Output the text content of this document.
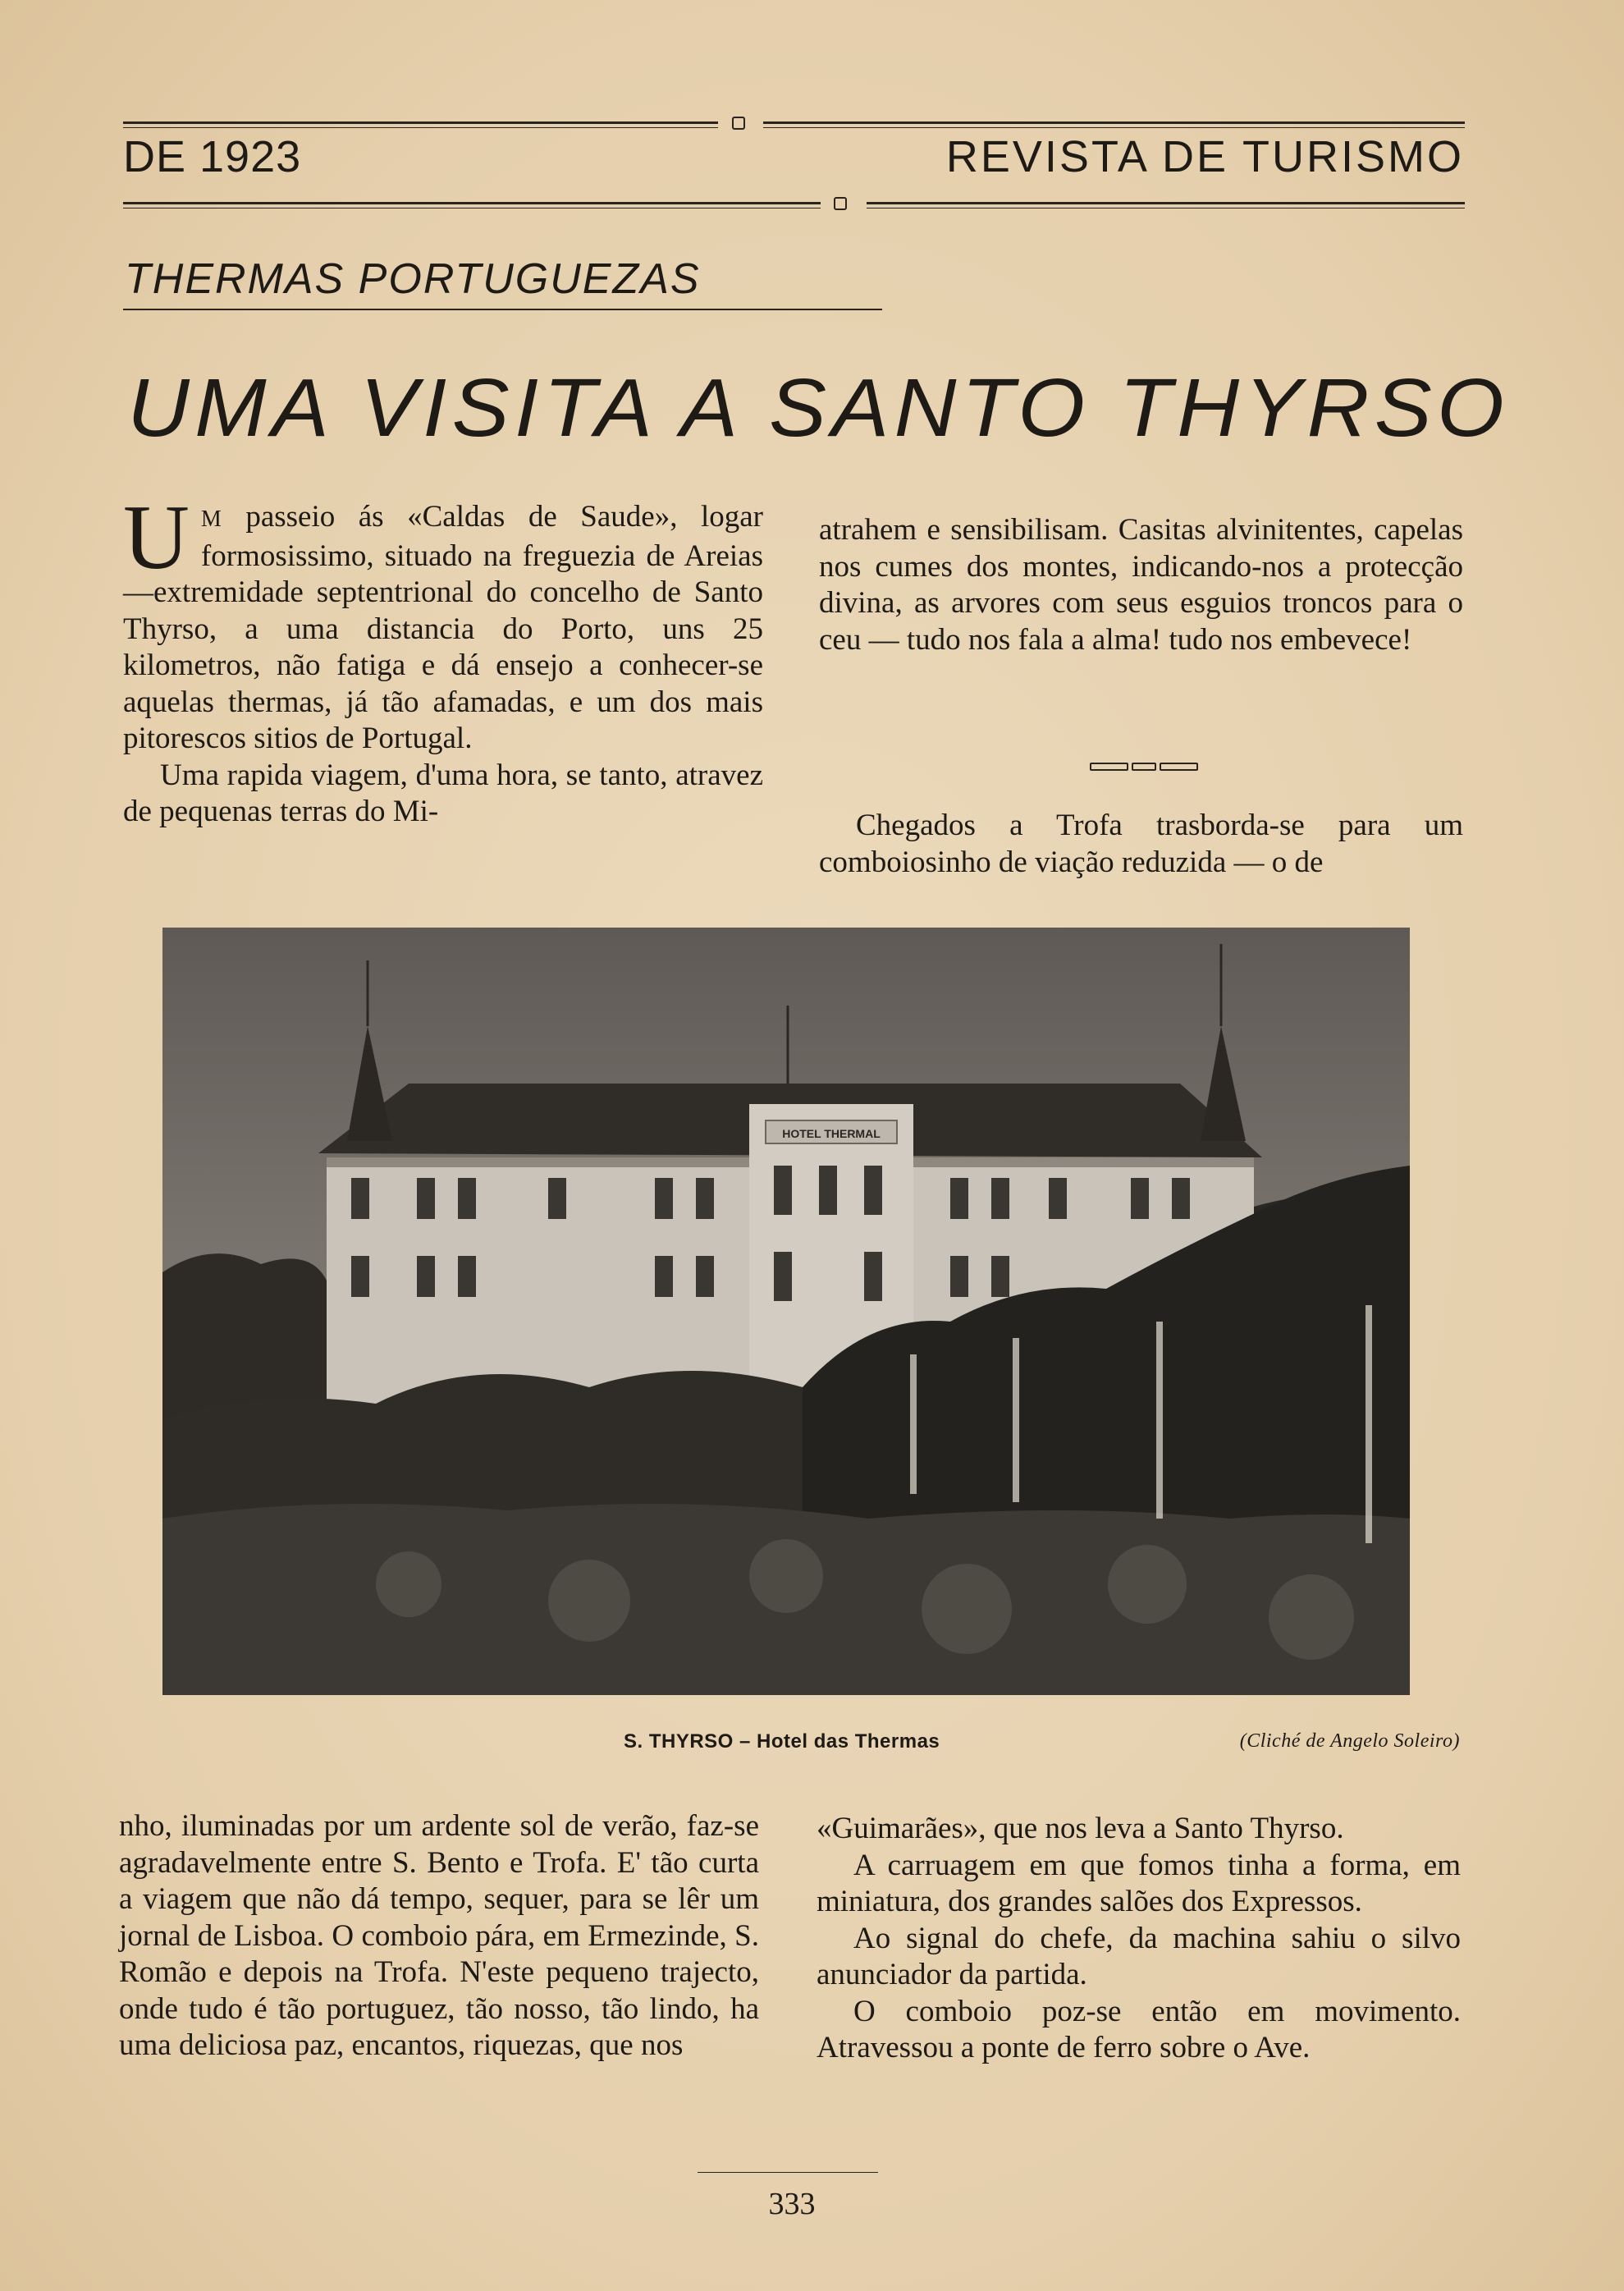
DE 1923	REVISTA DE TURISMO
THERMAS PORTUGUEZAS
UMA VISITA A SANTO THYRSO

U M passeio ás «Caldas de Saude», logar formosissimo, situado na freguezia de Areias—extremidade septentrional do concelho de Santo Thyrso, a uma distancia do Porto, uns 25 kilometros, não fatiga e dá ensejo a conhecer-se aquelas thermas, já tão afamadas, e um dos mais pitorescos sitios de Portugal.

Uma rapida viagem, d'uma hora, se tanto, atravez de pequenas terras do Mi-

atrahem e sensibilisam. Casitas alvinitentes, capelas nos cumes dos montes, indicando-nos a protecção divina, as arvores com seus esguios troncos para o ceu — tudo nos fala a alma! tudo nos embevece!

Chegados a Trofa trasborda-se para um comboiosinho de viação reduzida — o de

HOTEL THERMAL
S. THYRSO – Hotel das Thermas	(Cliché de Angelo Soleiro)

nho, iluminadas por um ardente sol de verão, faz-se agradavelmente entre S. Bento e Trofa. E' tão curta a viagem que não dá tempo, sequer, para se lêr um jornal de Lisboa. O comboio pára, em Ermezinde, S. Romão e depois na Trofa. N'este pequeno trajecto, onde tudo é tão portuguez, tão nosso, tão lindo, ha uma deliciosa paz, encantos, riquezas, que nos

«Guimarães», que nos leva a Santo Thyrso.

A carruagem em que fomos tinha a forma, em miniatura, dos grandes salões dos Expressos.

Ao signal do chefe, da machina sahiu o silvo anunciador da partida.

O comboio poz-se então em movimento. Atravessou a ponte de ferro sobre o Ave.

333
